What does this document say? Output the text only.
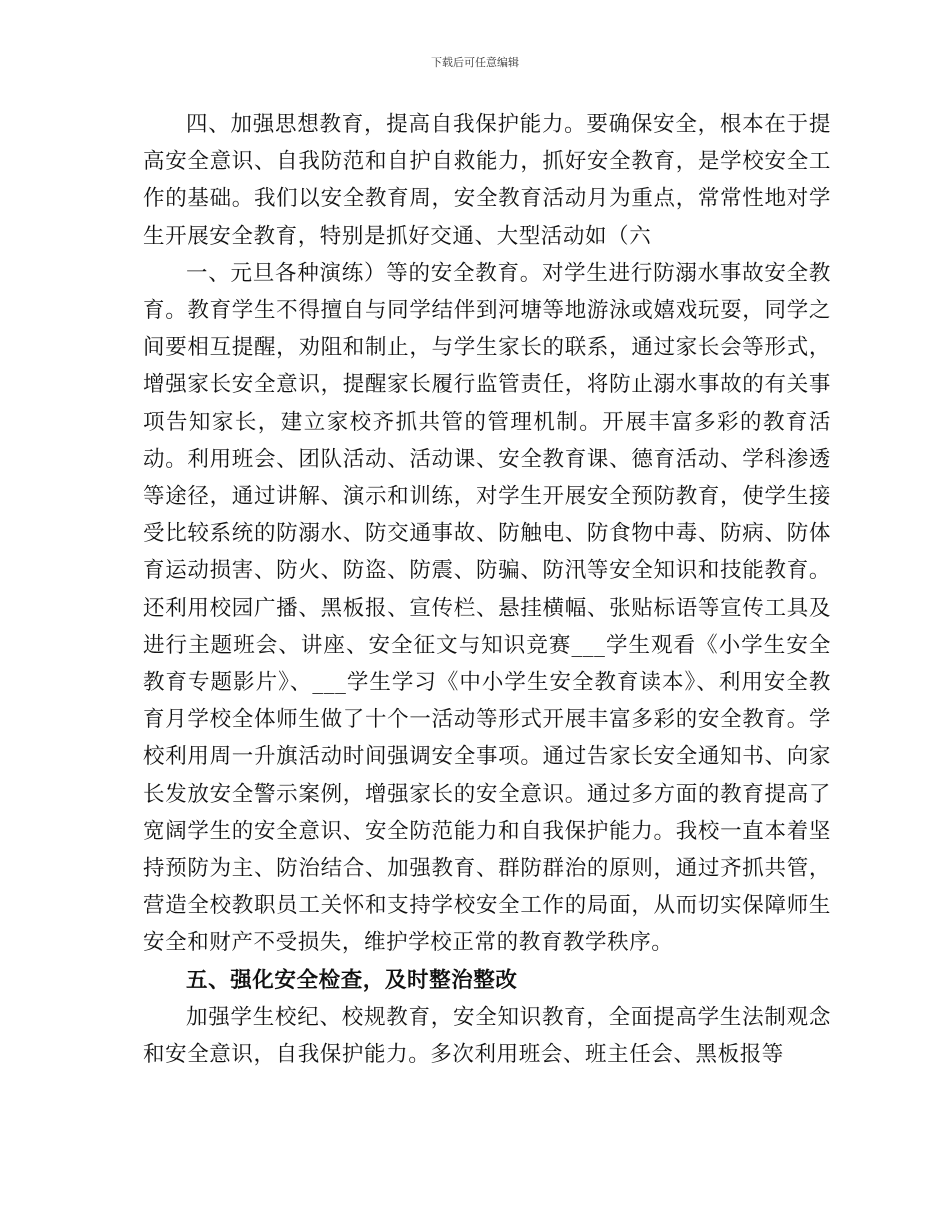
下载后可任意编辑

四、加强思想教育，提高自我保护能力。要确保安全，根本在于提高安全意识、自我防范和自护自救能力，抓好安全教育，是学校安全工作的基础。我们以安全教育周，安全教育活动月为重点，常常性地对学生开展安全教育，特别是抓好交通、大型活动如（六

一、元旦各种演练）等的安全教育。对学生进行防溺水事故安全教育。教育学生不得擅自与同学结伴到河塘等地游泳或嬉戏玩耍，同学之间要相互提醒，劝阻和制止，与学生家长的联系，通过家长会等形式，增强家长安全意识，提醒家长履行监管责任，将防止溺水事故的有关事项告知家长，建立家校齐抓共管的管理机制。开展丰富多彩的教育活动。利用班会、团队活动、活动课、安全教育课、德育活动、学科渗透等途径，通过讲解、演示和训练，对学生开展安全预防教育，使学生接受比较系统的防溺水、防交通事故、防触电、防食物中毒、防病、防体育运动损害、防火、防盗、防震、防骗、防汛等安全知识和技能教育。还利用校园广播、黑板报、宣传栏、悬挂横幅、张贴标语等宣传工具及进行主题班会、讲座、安全征文与知识竞赛___学生观看《小学生安全教育专题影片》、___学生学习《中小学生安全教育读本》、利用安全教育月学校全体师生做了十个一活动等形式开展丰富多彩的安全教育。学校利用周一升旗活动时间强调安全事项。通过告家长安全通知书、向家长发放安全警示案例，增强家长的安全意识。通过多方面的教育提高了宽阔学生的安全意识、安全防范能力和自我保护能力。我校一直本着坚持预防为主、防治结合、加强教育、群防群治的原则，通过齐抓共管，营造全校教职员工关怀和支持学校安全工作的局面，从而切实保障师生安全和财产不受损失，维护学校正常的教育教学秩序。

五、强化安全检查，及时整治整改

加强学生校纪、校规教育，安全知识教育，全面提高学生法制观念和安全意识，自我保护能力。多次利用班会、班主任会、黑板报等
